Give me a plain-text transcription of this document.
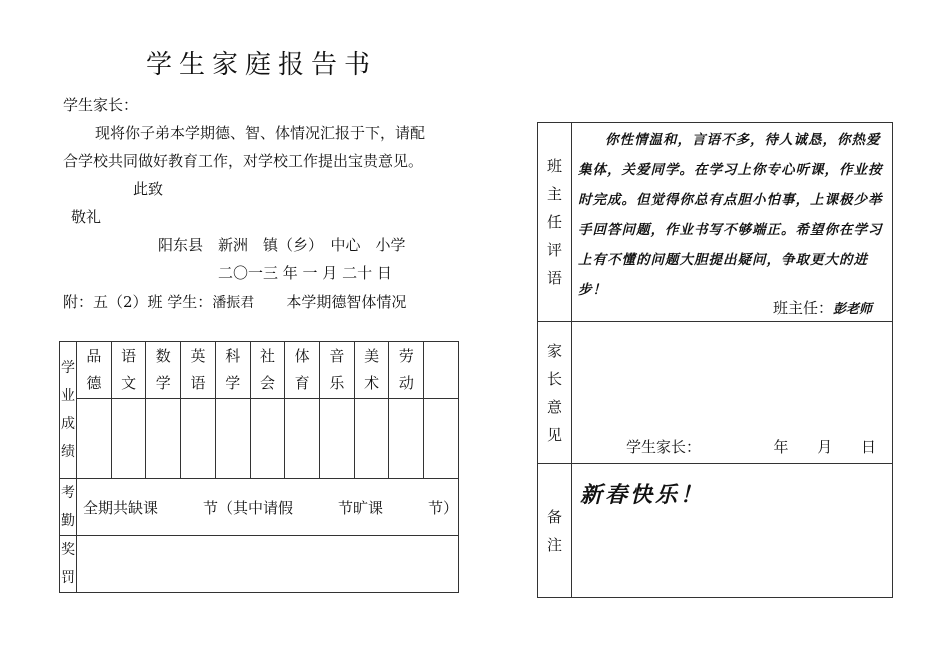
学生家庭报告书
学生家长：
现将你子弟本学期德、智、体情况汇报于下，请配
合学校共同做好教育工作，对学校工作提出宝贵意见。
此致
敬礼
阳东县　新洲　镇（乡）　中心　小学
二〇一三 年 一 月 二十 日
附：五（2）班 学生：潘振君 本学期德智体情况
学业成绩	品德	语文	数学	英语	科学	社会	体育	音乐	美术	劳动	

考勤	全期共缺课　　　节（其中请假　　　节旷课　　　节）										
奖罚											
班主任评语	你性情温和，言语不多，待人诚恳，你热爱集体，关爱同学。在学习上你专心听课，作业按时完成。但觉得你总有点胆小怕事，上课极少举手回答问题，作业书写不够端正。希望你在学习上有不懂的问题大胆提出疑问，争取更大的进步！
班主任：彭老师

家长意见	学生家长： 年 月 日

备注	新春快乐！
